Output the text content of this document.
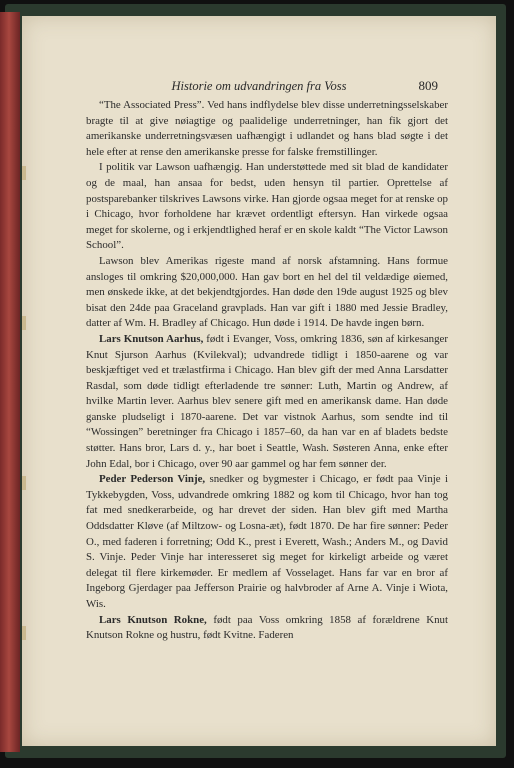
Historie om udvandringen fra Voss	809

“The Associated Press”. Ved hans indflydelse blev disse underretningsselskaber bragte til at give nøiagtige og paalidelige underretninger, han fik gjort det amerikanske underretningsvæsen uafhængigt i udlandet og hans blad søgte i det hele efter at rense den amerikanske presse for falske fremstillinger.

I politik var Lawson uafhængig. Han understøttede med sit blad de kandidater og de maal, han ansaa for bedst, uden hensyn til partier. Oprettelse af postsparebanker tilskrives Lawsons virke. Han gjorde ogsaa meget for at renske op i Chicago, hvor forholdene har krævet ordentligt eftersyn. Han virkede ogsaa meget for skolerne, og i erkjendtlighed heraf er en skole kaldt “The Victor Lawson School”.

Lawson blev Amerikas rigeste mand af norsk afstamning. Hans formue ansloges til omkring $20,000,000. Han gav bort en hel del til veldædige øiemed, men ønskede ikke, at det bekjendtgjordes. Han døde den 19de august 1925 og blev bisat den 24de paa Graceland gravplads. Han var gift i 1880 med Jessie Bradley, datter af Wm. H. Bradley af Chicago. Hun døde i 1914. De havde ingen børn.

Lars Knutson Aarhus, født i Evanger, Voss, omkring 1836, søn af kirkesanger Knut Sjurson Aarhus (Kvilekval); udvandrede tidligt i 1850-aarene og var beskjæftiget ved et trælastfirma i Chicago. Han blev gift der med Anna Larsdatter Rasdal, som døde tidligt efterladende tre sønner: Luth, Martin og Andrew, af hvilke Martin lever. Aarhus blev senere gift med en amerikansk dame. Han døde ganske pludseligt i 1870-aarene. Det var vistnok Aarhus, som sendte ind til “Wossingen” beretninger fra Chicago i 1857–60, da han var en af bladets bedste støtter. Hans bror, Lars d. y., har boet i Seattle, Wash. Søsteren Anna, enke efter John Edal, bor i Chicago, over 90 aar gammel og har fem sønner der.

Peder Pederson Vinje, snedker og bygmester i Chicago, er født paa Vinje i Tykkebygden, Voss, udvandrede omkring 1882 og kom til Chicago, hvor han tog fat med snedkerarbeide, og har drevet der siden. Han blev gift med Martha Oddsdatter Kløve (af Miltzow- og Losna-æt), født 1870. De har fire sønner: Peder O., med faderen i forretning; Odd K., prest i Everett, Wash.; Anders M., og David S. Vinje. Peder Vinje har interesseret sig meget for kirkeligt arbeide og været delegat til flere kirkemøder. Er medlem af Vosselaget. Hans far var en bror af Ingeborg Gjerdager paa Jefferson Prairie og halvbroder af Arne A. Vinje i Wiota, Wis.

Lars Knutson Rokne, født paa Voss omkring 1858 af forældrene Knut Knutson Rokne og hustru, født Kvitne. Faderen
